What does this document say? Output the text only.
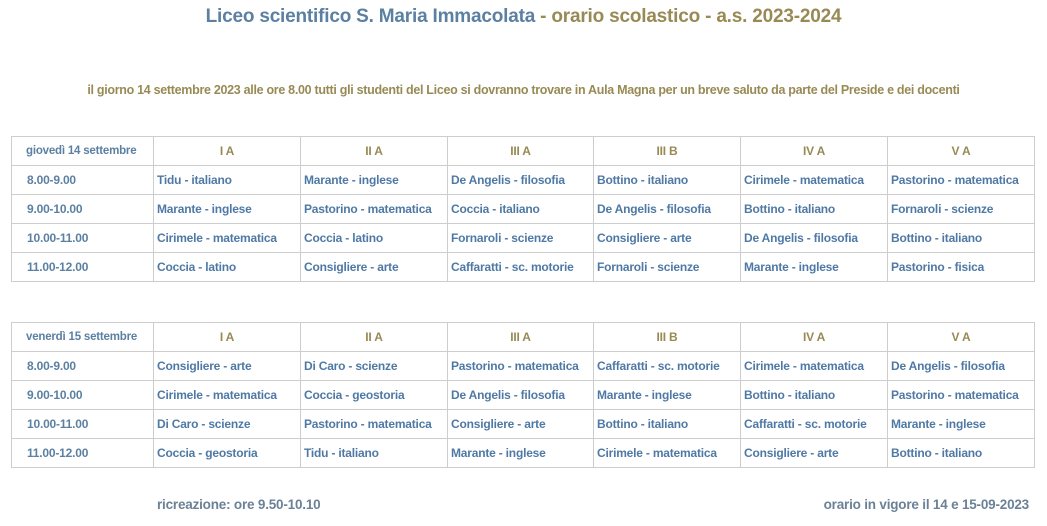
Liceo scientifico S. Maria Immacolata - orario scolastico - a.s. 2023-2024
il giorno 14 settembre 2023 alle ore 8.00 tutti gli studenti del Liceo si dovranno trovare in Aula Magna per un breve saluto da parte del Preside e dei docenti
giovedì 14 settembre	I A	II A	III A	III B	IV A	V A
8.00-9.00	Tidu - italiano	Marante - inglese	De Angelis - filosofia	Bottino - italiano	Cirimele - matematica	Pastorino - matematica
9.00-10.00	Marante - inglese	Pastorino - matematica	Coccia - italiano	De Angelis - filosofia	Bottino - italiano	Fornaroli - scienze
10.00-11.00	Cirimele - matematica	Coccia - latino	Fornaroli - scienze	Consigliere - arte	De Angelis - filosofia	Bottino - italiano
11.00-12.00	Coccia - latino	Consigliere - arte	Caffaratti - sc. motorie	Fornaroli - scienze	Marante - inglese	Pastorino - fisica
venerdì 15 settembre	I A	II A	III A	III B	IV A	V A
8.00-9.00	Consigliere - arte	Di Caro - scienze	Pastorino - matematica	Caffaratti - sc. motorie	Cirimele - matematica	De Angelis - filosofia
9.00-10.00	Cirimele - matematica	Coccia - geostoria	De Angelis - filosofia	Marante - inglese	Bottino - italiano	Pastorino - matematica
10.00-11.00	Di Caro - scienze	Pastorino - matematica	Consigliere - arte	Bottino - italiano	Caffaratti - sc. motorie	Marante - inglese
11.00-12.00	Coccia - geostoria	Tidu - italiano	Marante - inglese	Cirimele - matematica	Consigliere - arte	Bottino - italiano
ricreazione: ore 9.50-10.10	orario in vigore il 14 e 15-09-2023
